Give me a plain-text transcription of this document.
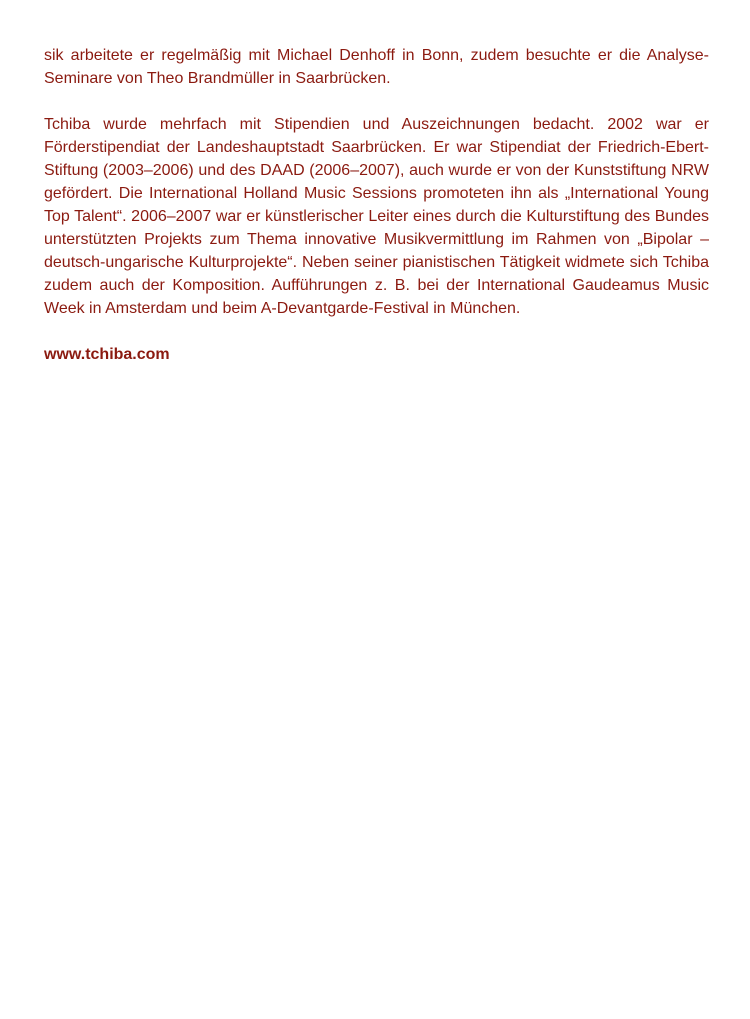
sik arbeitete er regelmäßig mit Michael Denhoff in Bonn, zudem besuchte er die Analyse-Seminare von Theo Brandmüller in Saarbrücken.

Tchiba wurde mehrfach mit Stipendien und Auszeichnungen bedacht. 2002 war er Förderstipendiat der Landeshauptstadt Saarbrücken. Er war Stipendiat der Friedrich-Ebert-Stiftung (2003–2006) und des DAAD (2006–2007), auch wurde er von der Kunststiftung NRW gefördert. Die International Holland Music Sessions promoteten ihn als „International Young Top Talent“. 2006–2007 war er künstlerischer Leiter eines durch die Kulturstiftung des Bundes unterstützten Projekts zum Thema innovative Musikvermittlung im Rahmen von „Bipolar – deutsch-ungarische Kulturprojekte“. Neben seiner pianistischen Tätigkeit widmete sich Tchiba zudem auch der Komposition. Aufführungen z. B. bei der International Gaudeamus Music Week in Amsterdam und beim A-Devantgarde-Festival in München.

www.tchiba.com
